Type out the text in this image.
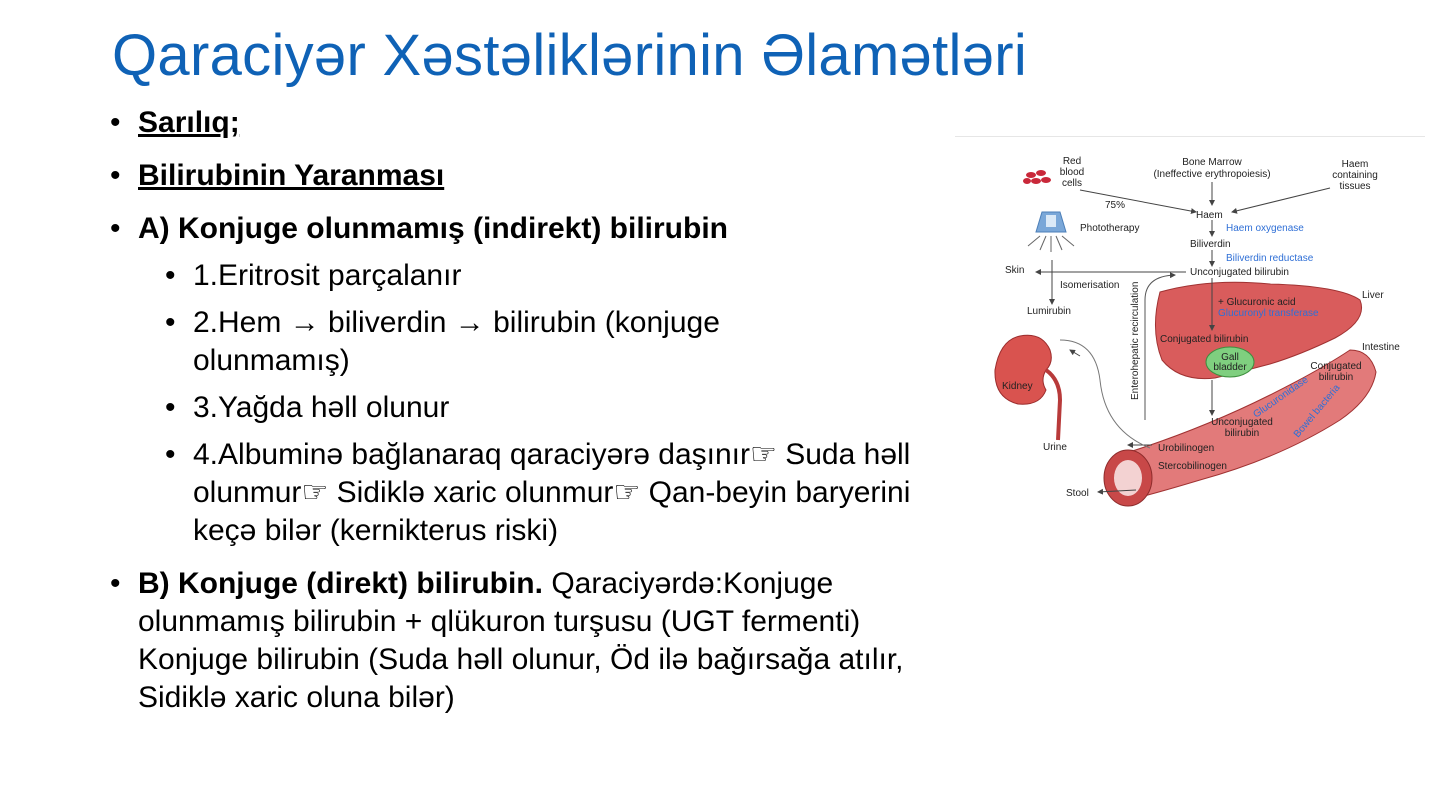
Qaraciyər Xəstəliklərinin Əlamətləri

• Sarılıq;

• Bilirubinin Yaranması

• A) Konjuge olunmamış (indirekt) bilirubin

• 1.Eritrosit parçalanır

• 2.Hem → biliverdin → bilirubin (konjuge olunmamış)

• 3.Yağda həll olunur

• 4.Albuminə bağlanaraq qaraciyərə daşınır☞ Suda həll olunmur☞ Sidiklə xaric olunmur☞ Qan-beyin baryerini keçə bilər (kernikterus riski)

• B) Konjuge (direkt) bilirubin. Qaraciyərdə:Konjuge olunmamış bilirubin + qlükuron turşusu (UGT fermenti) Konjuge bilirubin (Suda həll olunur, Öd ilə bağırsağa atılır, Sidiklə xaric oluna bilər)

Red
blood
cells
Bone Marrow
(Ineffective erythropoiesis)
Haem
containing
tissues
75%
Haem
Haem oxygenase
Phototherapy
Biliverdin
Biliverdin reductase
Skin	Unconjugated bilirubin
Isomerisation
Liver
+ Glucuronic acid
Glucuronyl transferase
Lumirubin	Enterohepatic recirculation Conjugated bilirubin
Intestine
Gall
bladder	Conjugated
bilirubin
Kidney	Glucuronidase
Bowel bacteria
Unconjugated
bilirubin
Urine	Urobilinogen
Stercobilinogen
Stool
